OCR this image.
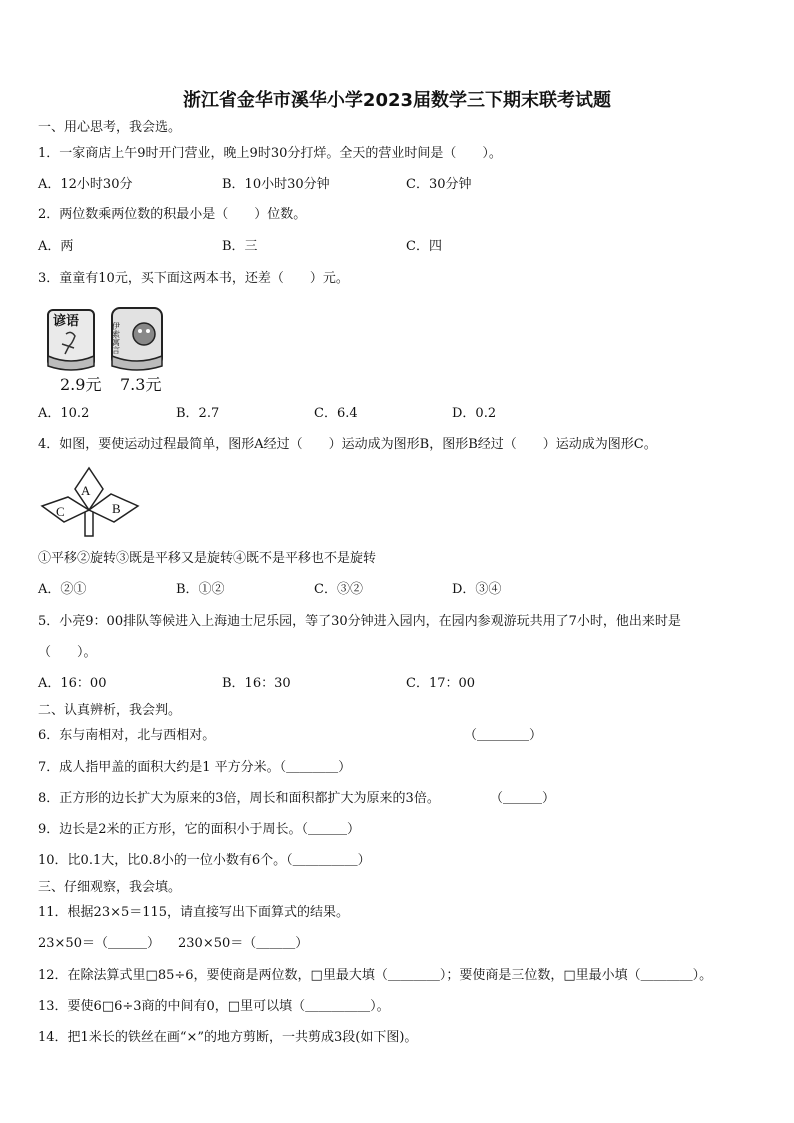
浙江省金华市溪华小学2023届数学三下期末联考试题
一、用心思考，我会选。
1．一家商店上午9时开门营业，晚上9时30分打烊。全天的营业时间是（　　）。
A．12小时30分	B．10小时30分钟	C．30分钟
2．两位数乘两位数的积最小是（　　）位数。
A．两	B．三	C．四
3．童童有10元，买下面这两本书，还差（　　）元。
谚语
伊索寓言
2.9元 7.3元
A．10.2	B．2.7	C．6.4	D．0.2
4．如图，要使运动过程最简单，图形A经过（　　）运动成为图形B，图形B经过（　　）运动成为图形C。
A
C	B
①平移②旋转③既是平移又是旋转④既不是平移也不是旋转
A．②①	B．①②	C．③②	D．③④
5．小亮9：00排队等候进入上海迪士尼乐园，等了30分钟进入园内，在园内参观游玩共用了7小时，他出来时是
（　　）。
A．16：00	B．16：30	C．17：00
二、认真辨析，我会判。
6．东与南相对，北与西相对。	（＿＿＿＿）
7．成人指甲盖的面积大约是1 平方分米。（＿＿＿＿）
8．正方形的边长扩大为原来的3倍，周长和面积都扩大为原来的3倍。	（＿＿＿）
9．边长是2米的正方形，它的面积小于周长。（＿＿＿）
10．比0.1大，比0.8小的一位小数有6个。（＿＿＿＿＿）
三、仔细观察，我会填。
11．根据23×5＝115，请直接写出下面算式的结果。
23×50＝（＿＿＿） 230×50＝（＿＿＿）
12．在除法算式里□85÷6，要使商是两位数，□里最大填（＿＿＿＿）；要使商是三位数，□里最小填（＿＿＿＿）。
13．要使6□6÷3商的中间有0，□里可以填（＿＿＿＿＿）。
14．把1米长的铁丝在画“×”的地方剪断，一共剪成3段(如下图)。
